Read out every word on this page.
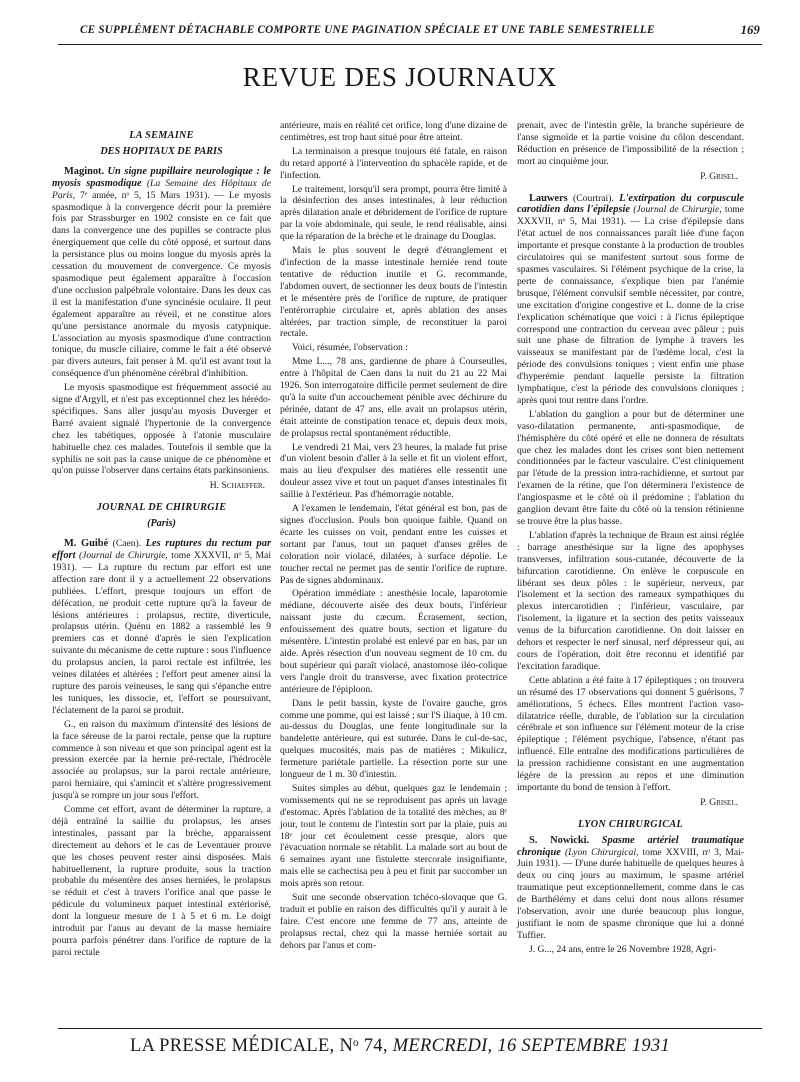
CE SUPPLÉMENT DÉTACHABLE COMPORTE UNE PAGINATION SPÉCIALE ET UNE TABLE SEMESTRIELLE	169
REVUE DES JOURNAUX
LA SEMAINE
DES HOPITAUX DE PARIS

Maginot. Un signe pupillaire neurologique : le myosis spasmodique (La Semaine des Hôpitaux de Paris, 7ᵉ année, nᵒ 5, 15 Mars 1931). — Le myosis spasmodique à la convergence décrit pour la première fois par Strassburger en 1902 consiste en ce fait que dans la convergence une des pupilles se contracte plus énergiquement que celle du côté opposé, et surtout dans la persistance plus ou moins longue du myosis après la cessation du mouvement de convergence. Ce myosis spasmodique peut également apparaître à l'occasion d'une occlusion palpébrale volontaire. Dans les deux cas il est la manifestation d'une syncinésie oculaire. Il peut également apparaître au réveil, et ne constitue alors qu'une persistance anormale du myosis catypnique. L'association au myosis spasmodique d'une contraction tonique, du muscle ciliaire, comme le fait a été observé par divers auteurs, fait penser à M. qu'il est avant tout la conséquence d'un phénomène cérébral d'inhibition.

Le myosis spasmodique est fréquemment associé au signe d'Argyll, et n'est pas exceptionnel chez les hérédo-spécifiques. Sans aller jusqu'au myosis Duverger et Barré avaient signalé l'hypertonie de la convergence chez les tabétiques, opposée à l'atonie musculaire habituelle chez ces malades. Toutefois il semble que la syphilis ne soit pas la cause unique de ce phénomène et qu'on puisse l'observer dans certains états parkinsoniens.

H. Schaeffer.
JOURNAL DE CHIRURGIE
(Paris)

M. Guibé (Caen). Les ruptures du rectum par effort (Journal de Chirurgie, tome XXXVII, nᵒ 5, Mai 1931). — La rupture du rectum par effort est une affection rare dont il y a actuellement 22 observations publiées. L'effort, presque toujours un effort de défécation, ne produit cette rupture qu'à la faveur de lésions antérieures : prolapsus, rectite, diverticule, prolapsus utérin. Quénu en 1882 a rassemblé les 9 premiers cas et donné d'après le sien l'explication suivante du mécanisme de cette rupture : sous l'influence du prolapsus ancien, la paroi rectale est infiltrée, les veines dilatées et altérées ; l'effort peut amener ainsi la rupture des parois veineuses, le sang qui s'épanche entre les tuniques, les dissocie, et, l'effort se poursuivant, l'éclatement de la paroi se produit.

G., en raison du maximum d'intensité des lésions de la face séreuse de la paroi rectale, pense que la rupture commence à son niveau et que son principal agent est la pression exercée par la hernie pré-rectale, l'hédrocèle associée au prolapsus, sur la paroi rectale antérieure, paroi herniaire, qui s'amincit et s'altère progressivement jusqu'à se rompre un jour sous l'effort.

Comme cet effort, avant de déterminer la rupture, a déjà entraîné la saillie du prolapsus, les anses intestinales, passant par la brèche, apparaissent directement au dehors et le cas de Leventauer prouve que les choses peuvent rester ainsi disposées. Mais habituellement, la rupture produite, sous la traction probable du mésentère des anses herniées, le prolapsus se réduit et c'est à travers l'orifice anal que passe le pédicule du volumineux paquet intestinal extériorisé, dont la longueur mesure de 1 à 5 et 6 m. Le doigt introduit par l'anus au devant de la masse herniaire pourra parfois pénétrer dans l'orifice de rupture de la paroi rectale

antérieure, mais en réalité cet orifice, long d'une dizaine de centimètres, est trop haut situé pour être atteint.

La terminaison a presque toujours été fatale, en raison du retard apporté à l'intervention du sphacèle rapide, et de l'infection.

Le traitement, lorsqu'il sera prompt, pourra être limité à la désinfection des anses intestinales, à leur réduction après dilatation anale et débridement de l'orifice de rupture par la voie abdominale, qui seule, le rend réalisable, ainsi que la réparation de la brèche et le drainage du Douglas.

Mais le plus souvent le degré d'étranglement et d'infection de la masse intestinale herniée rend toute tentative de réduction inutile et G. recommande, l'abdomen ouvert, de sectionner les deux bouts de l'intestin et le mésentère près de l'orifice de rupture, de pratiquer l'entérorraphie circulaire et, après ablation des anses altérées, par traction simple, de reconstituer la paroi rectale.

Voici, résumée, l'observation :

Mme L..., 78 ans, gardienne de phare à Courseulles, entre à l'hôpital de Caen dans la nuit du 21 au 22 Mai 1926. Son interrogatoire difficile permet seulement de dire qu'à la suite d'un accouchement pénible avec déchirure du périnée, datant de 47 ans, elle avait un prolapsus utérin, était atteinte de constipation tenace et, depuis deux mois, de prolapsus rectal spontanément réductible.

Le vendredi 21 Mai, vers 23 heures, la malade fut prise d'un violent besoin d'aller à la selle et fit un violent effort, mais au lieu d'expulser des matières elle ressentit une douleur assez vive et tout un paquet d'anses intestinales fit saillie à l'extérieur. Pas d'hémorragie notable.

A l'examen le lendemain, l'état général est bon, pas de signes d'occlusion. Pouls bon quoique faible. Quand on écarte les cuisses on voit, pendant entre les cuisses et sortant par l'anus, tout un paquet d'anses grêles de coloration noir violacé, dilatées, à surface dépolie. Le toucher rectal ne permet pas de sentir l'orifice de rupture. Pas de signes abdominaux.

Opération immédiate : anesthésie locale, laparotomie médiane, découverte aisée des deux bouts, l'inférieur naissant juste du cæcum. Écrasement, section, enfouissement des quatre bouts, section et ligature du mésentère. L'intestin prolabé est enlevé par en bas, par un aide. Après résection d'un nouveau segment de 10 cm. du bout supérieur qui paraît violacé, anastomose iléo-colique vers l'angle droit du transverse, avec fixation protectrice antérieure de l'épiploon.

Dans le petit bassin, kyste de l'ovaire gauche, gros comme une pomme, qui est laissé ; sur l'S iliaque, à 10 cm. au-dessus du Douglas, une fente longitudinale sur la bandelette antérieure, qui est suturée. Dans le cul-de-sac, quelques mucosités, mais pas de matières ; Mikulicz, fermeture pariétale partielle. La résection porte sur une longueur de 1 m. 30 d'intestin.

Suites simples au début, quelques gaz le lendemain ; vomissements qui ne se reproduisent pas après un lavage d'estomac. Après l'ablation de la totalité des mèches, au 8ᵉ jour, tout le contenu de l'intestin sort par la plaie, puis au 18ᵉ jour cet écoulement cesse presque, alors que l'évacuation normale se rétablit. La malade sort au bout de 6 semaines ayant une fistulette stercorale insignifiante, mais elle se cachectisa peu à peu et finit par succomber un mois après son retour.

Suit une seconde observation tchéco-slovaque que G. traduit et publie en raison des difficultés qu'il y aurait à le faire. C'est encore une femme de 77 ans, atteinte de prolapsus rectal, chez qui la masse herniée sortait au dehors par l'anus et com-

prenait, avec de l'intestin grêle, la branche supérieure de l'anse sigmoïde et la partie voisine du côlon descendant. Réduction en présence de l'impossibilité de la résection ; mort au cinquième jour.

P. Grisel.

Lauwers (Courtrai). L'extirpation du corpuscule carotidien dans l'épilepsie (Journal de Chirurgie, tome XXXVII, nᵒ 5, Mai 1931). — La crise d'épilepsie dans l'état actuel de nos connaissances paraît liée d'une façon importante et presque constante à la production de troubles circulatoires qui se manifestent surtout sous forme de spasmes vasculaires. Si l'élément psychique de la crise, la perte de connaissance, s'explique bien par l'anémie brusque, l'élément convulsif semble nécessiter, par contre, une excitation d'origine congestive et L. donne de la crise l'explication schématique que voici : à l'ictus épileptique correspond une contraction du cerveau avec pâleur ; puis suit une phase de filtration de lymphe à travers les vaisseaux se manifestant par de l'œdème local, c'est la période des convulsions toniques ; vient enfin une phase d'hyperémie pendant laquelle persiste la filtration lymphatique, c'est la période des convulsions cloniques ; après quoi tout rentre dans l'ordre.

L'ablation du ganglion a pour but de déterminer une vaso-dilatation permanente, anti-spasmodique, de l'hémisphère du côté opéré et elle ne donnera de résultats que chez les malades dont les crises sont bien nettement conditionnées par le facteur vasculaire. C'est cliniquement par l'étude de la pression intra-rachidienne, et surtout par l'examen de la rétine, que l'on déterminera l'existence de l'angiospasme et le côté où il prédomine ; l'ablation du ganglion devant être faite du côté où la tension rétinienne se trouve être la plus basse.

L'ablation d'après la technique de Braun est ainsi réglée : barrage anesthésique sur la ligne des apophyses transverses, infiltration sous-cutanée, découverte de la bifurcation carotidienne. On enlève le corpuscule en libérant ses deux pôles : le supérieur, nerveux, par l'isolement et la section des rameaux sympathiques du plexus intercarotidien ; l'inférieur, vasculaire, par l'isolement, la ligature et la section des petits vaisseaux venus de la bifurcation carotidienne. On doit laisser en dehors et respecter le nerf sinusal, nerf dépresseur qui, au cours de l'opération, doit être reconnu et identifié par l'excitation faradique.

Cette ablation a été faite à 17 épileptiques ; on trouvera un résumé des 17 observations qui donnent 5 guérisons, 7 améliorations, 5 échecs. Elles montrent l'action vaso-dilatatrice réelle, durable, de l'ablation sur la circulation cérébrale et son influence sur l'élément moteur de la crise épileptique ; l'élément psychique, l'absence, n'étant pas influencé. Elle entraîne des modifications particulières de la pression rachidienne consistant en une augmentation légère de la pression au repos et une diminution importante du bond de tension à l'effort.

P. Grisel.
LYON CHIRURGICAL

S. Nowicki. Spasme artériel traumatique chronique (Lyon Chirurgical, tome XXVIII, nᵒ 3, Mai-Juin 1931). — D'une durée habituelle de quelques heures à deux ou cinq jours au maximum, le spasme artériel traumatique peut exceptionnellement, comme dans le cas de Barthélémy et dans celui dont nous allons résumer l'observation, avoir une durée beaucoup plus longue, justifiant le nom de spasme chronique que lui a donné Tuffier.

J. G..., 24 ans, entre le 26 Novembre 1928, Agri-

LA PRESSE MÉDICALE, Nᵒ 74, MERCREDI, 16 SEPTEMBRE 1931
